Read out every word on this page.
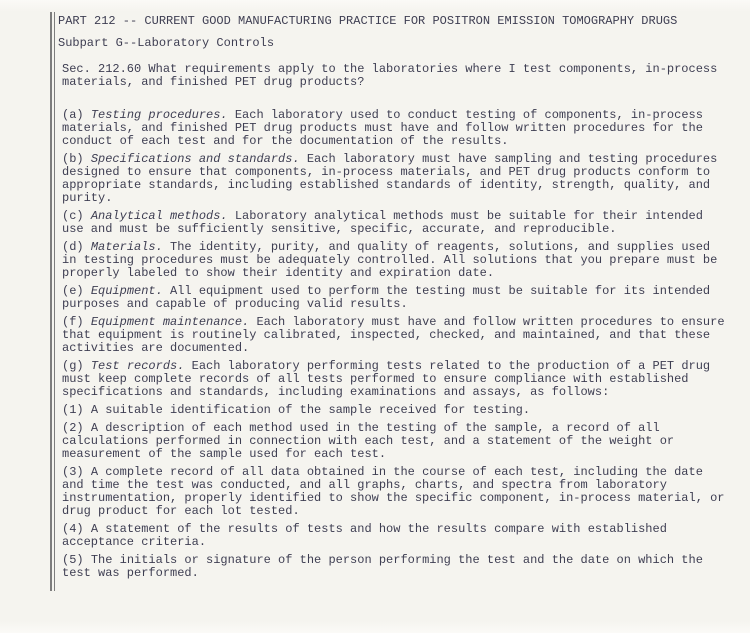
PART 212 -- CURRENT GOOD MANUFACTURING PRACTICE FOR POSITRON EMISSION TOMOGRAPHY DRUGS
Subpart G--Laboratory Controls
Sec. 212.60 What requirements apply to the laboratories where I test components, in-process materials, and finished PET drug products?

(a) Testing procedures. Each laboratory used to conduct testing of components, in-process materials, and finished PET drug products must have and follow written procedures for the conduct of each test and for the documentation of the results.

(b) Specifications and standards. Each laboratory must have sampling and testing procedures designed to ensure that components, in-process materials, and PET drug products conform to appropriate standards, including established standards of identity, strength, quality, and purity.

(c) Analytical methods. Laboratory analytical methods must be suitable for their intended use and must be sufficiently sensitive, specific, accurate, and reproducible.

(d) Materials. The identity, purity, and quality of reagents, solutions, and supplies used in testing procedures must be adequately controlled. All solutions that you prepare must be properly labeled to show their identity and expiration date.

(e) Equipment. All equipment used to perform the testing must be suitable for its intended purposes and capable of producing valid results.

(f) Equipment maintenance. Each laboratory must have and follow written procedures to ensure that equipment is routinely calibrated, inspected, checked, and maintained, and that these activities are documented.

(g) Test records. Each laboratory performing tests related to the production of a PET drug must keep complete records of all tests performed to ensure compliance with established specifications and standards, including examinations and assays, as follows:

(1) A suitable identification of the sample received for testing.

(2) A description of each method used in the testing of the sample, a record of all calculations performed in connection with each test, and a statement of the weight or measurement of the sample used for each test.

(3) A complete record of all data obtained in the course of each test, including the date and time the test was conducted, and all graphs, charts, and spectra from laboratory instrumentation, properly identified to show the specific component, in-process material, or drug product for each lot tested.

(4) A statement of the results of tests and how the results compare with established acceptance criteria.

(5) The initials or signature of the person performing the test and the date on which the test was performed.
